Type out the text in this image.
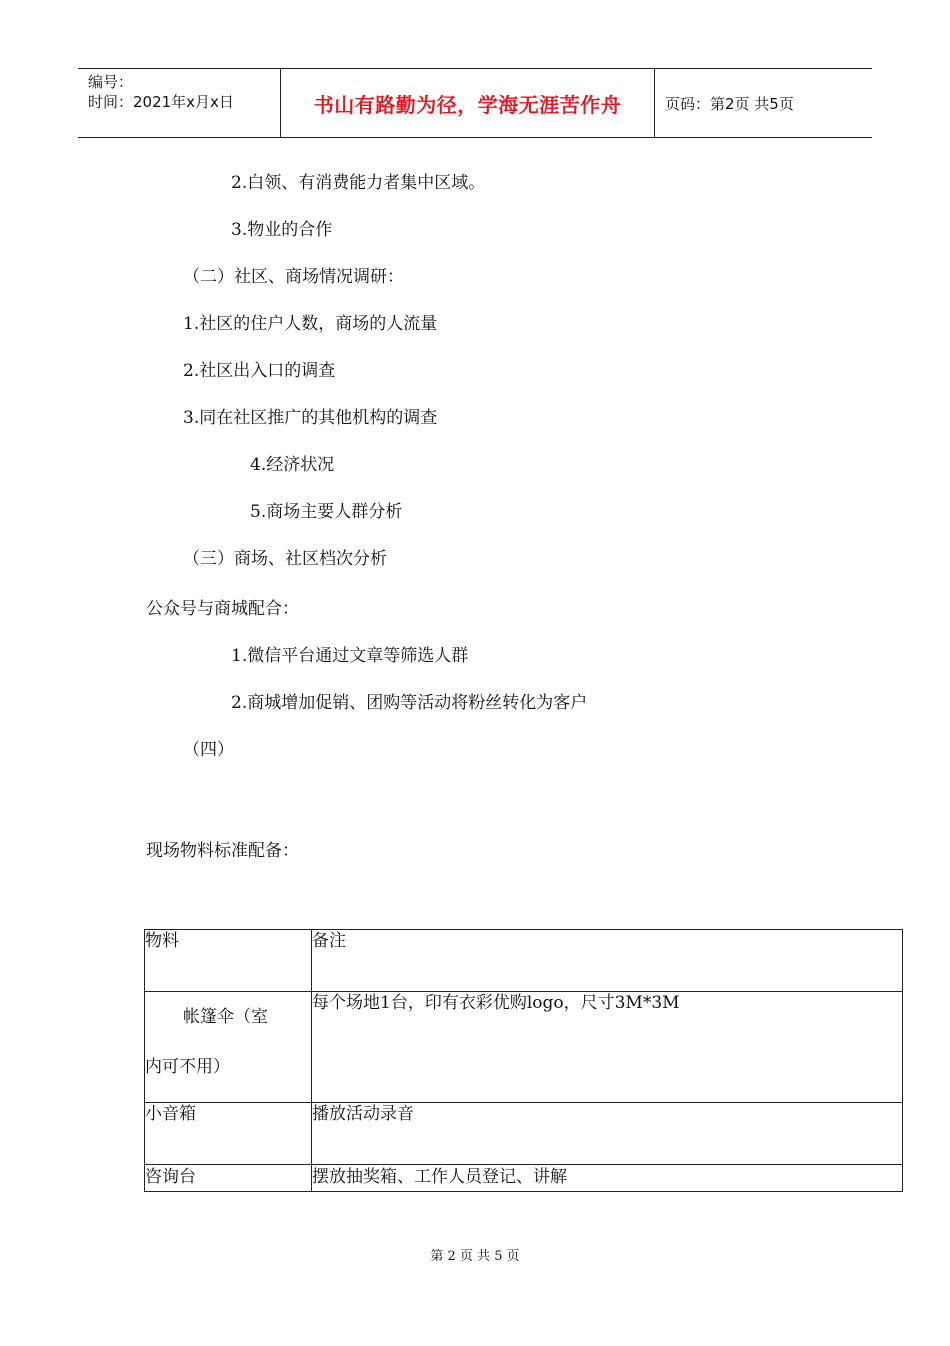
编号：
时间：2021年x月x日	书山有路勤为径，学海无涯苦作舟	页码：第2页 共5页
2.白领、有消费能力者集中区域。
3.物业的合作
（二）社区、商场情况调研：
1.社区的住户人数，商场的人流量
2.社区出入口的调查
3.同在社区推广的其他机构的调查
4.经济状况
5.商场主要人群分析
（三）商场、社区档次分析
公众号与商城配合：
1.微信平台通过文章等筛选人群
2.商城增加促销、团购等活动将粉丝转化为客户
（四）
现场物料标准配备：
物料	备注
帐篷伞（室
内可不用）	每个场地1台，印有衣彩优购logo，尺寸3M*3M
小音箱	播放活动录音
咨询台	摆放抽奖箱、工作人员登记、讲解
第 2 页 共 5 页
